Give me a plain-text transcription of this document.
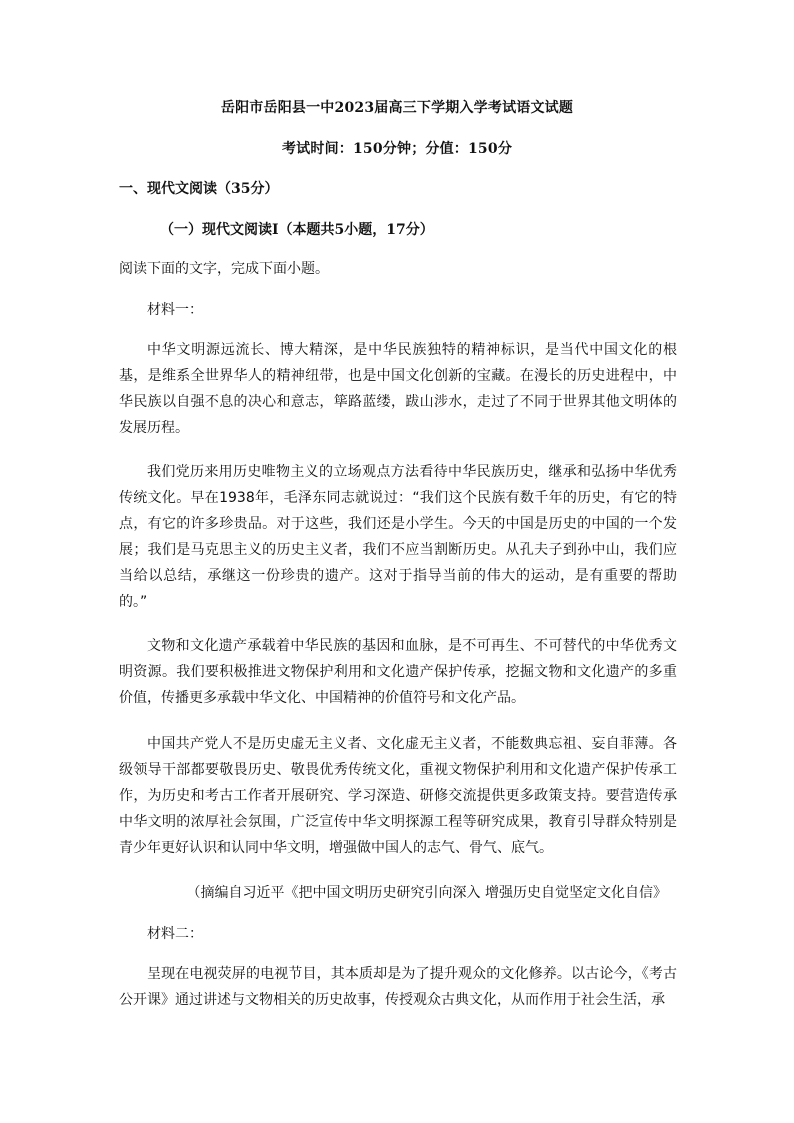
岳阳市岳阳县一中2023届高三下学期入学考试语文试题
考试时间：150分钟；分值：150分
一、现代文阅读（35分）
（一）现代文阅读Ⅰ（本题共5小题，17分）
阅读下面的文字，完成下面小题。
材料一：
中华文明源远流长、博大精深，是中华民族独特的精神标识，是当代中国文化的根基，是维系全世界华人的精神纽带，也是中国文化创新的宝藏。在漫长的历史进程中，中华民族以自强不息的决心和意志，筚路蓝缕，跋山涉水，走过了不同于世界其他文明体的发展历程。
我们党历来用历史唯物主义的立场观点方法看待中华民族历史，继承和弘扬中华优秀传统文化。早在1938年，毛泽东同志就说过：“我们这个民族有数千年的历史，有它的特点，有它的许多珍贵品。对于这些，我们还是小学生。今天的中国是历史的中国的一个发展；我们是马克思主义的历史主义者，我们不应当割断历史。从孔夫子到孙中山，我们应当给以总结，承继这一份珍贵的遗产。这对于指导当前的伟大的运动，是有重要的帮助的。”
文物和文化遗产承载着中华民族的基因和血脉，是不可再生、不可替代的中华优秀文明资源。我们要积极推进文物保护利用和文化遗产保护传承，挖掘文物和文化遗产的多重价值，传播更多承载中华文化、中国精神的价值符号和文化产品。
中国共产党人不是历史虚无主义者、文化虚无主义者，不能数典忘祖、妄自菲薄。各级领导干部都要敬畏历史、敬畏优秀传统文化，重视文物保护利用和文化遗产保护传承工作，为历史和考古工作者开展研究、学习深造、研修交流提供更多政策支持。要营造传承中华文明的浓厚社会氛围，广泛宣传中华文明探源工程等研究成果，教育引导群众特别是青少年更好认识和认同中华文明，增强做中国人的志气、骨气、底气。
（摘编自习近平《把中国文明历史研究引向深入 增强历史自觉坚定文化自信》
材料二：
呈现在电视荧屏的电视节目，其本质却是为了提升观众的文化修养。以古论今，《考古公开课》通过讲述与文物相关的历史故事，传授观众古典文化，从而作用于社会生活，承
